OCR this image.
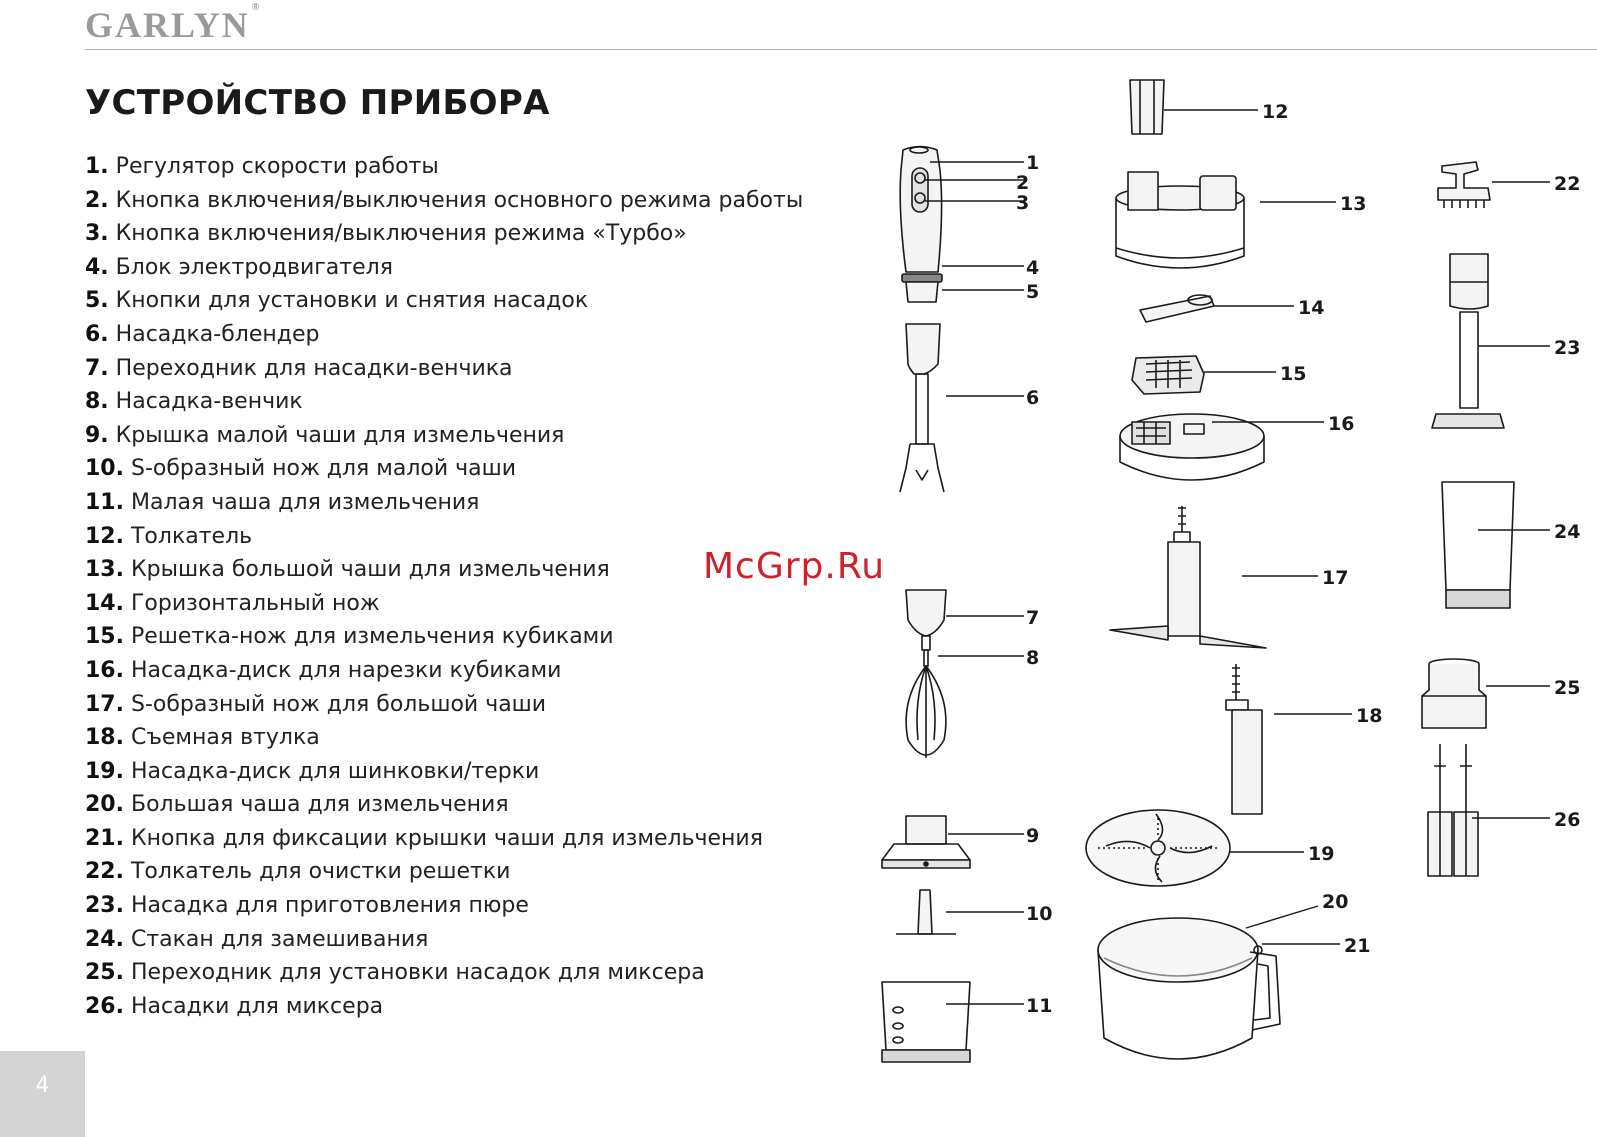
GARLYN ®
УСТРОЙСТВО ПРИБОРА
1. Регулятор скорости работы
2. Кнопка включения/выключения основного режима работы
3. Кнопка включения/выключения режима «Турбо»
4. Блок электродвигателя
5. Кнопки для установки и снятия насадок
6. Насадка-блендер
7. Переходник для насадки-венчика
8. Насадка-венчик
9. Крышка малой чаши для измельчения
10. S-образный нож для малой чаши
11. Малая чаша для измельчения
12. Толкатель
13. Крышка большой чаши для измельчения
14. Горизонтальный нож
15. Решетка-нож для измельчения кубиками
16. Насадка-диск для нарезки кубиками
17. S-образный нож для большой чаши
18. Съемная втулка
19. Насадка-диск для шинковки/терки
20. Большая чаша для измельчения
21. Кнопка для фиксации крышки чаши для измельчения
22. Толкатель для очистки решетки
23. Насадка для приготовления пюре
24. Стакан для замешивания
25. Переходник для установки насадок для миксера
26. Насадки для миксера
1
2
3
4
5
6
7
8
9
10
11
12
13
14
15
16
17
18
19
20
21
22
23
24
25
26
McGrp.Ru
4
